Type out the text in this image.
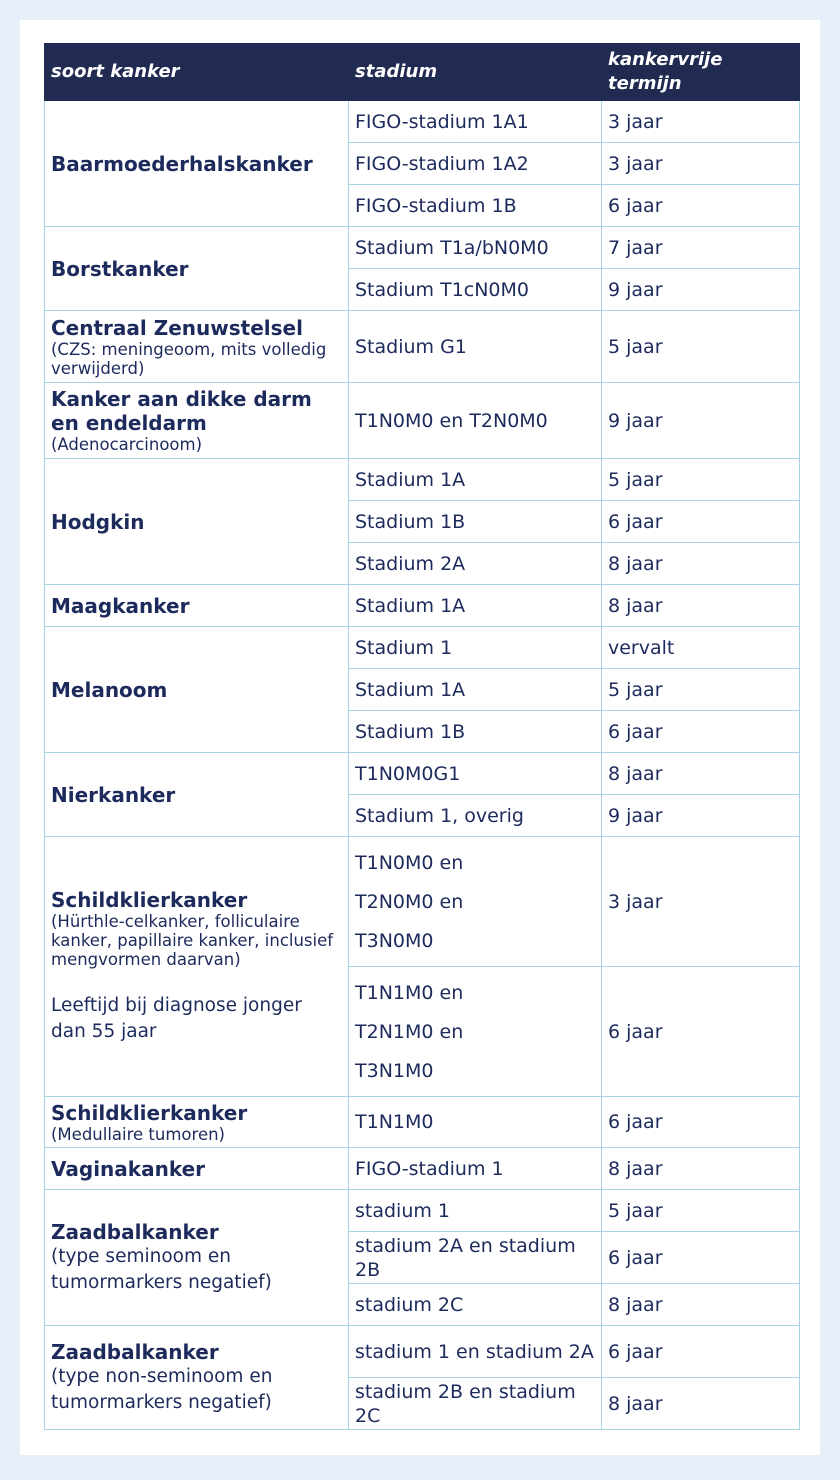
soort kanker	stadium	kankervrije termijn

Baarmoederhalskanker	FIGO-stadium 1A1	3 jaar
	FIGO-stadium 1A2	3 jaar
	FIGO-stadium 1B	6 jaar

Borstkanker	Stadium T1a/bN0M0	7 jaar
	Stadium T1cN0M0	9 jaar

Centraal Zenuwstelsel
(CZS: meningeoom, mits volledig verwijderd)	Stadium G1	5 jaar

Kanker aan dikke darm en endeldarm
(Adenocarcinoom)	T1N0M0 en T2N0M0	9 jaar

Hodgkin	Stadium 1A	5 jaar
	Stadium 1B	6 jaar
	Stadium 2A	8 jaar

Maagkanker	Stadium 1A	8 jaar

Melanoom	Stadium 1	vervalt
	Stadium 1A	5 jaar
	Stadium 1B	6 jaar

Nierkanker	T1N0M0G1	8 jaar
	Stadium 1, overig	9 jaar

Schildklierkanker
(Hürthle-celkanker, folliculaire kanker, papillaire kanker, inclusief mengvormen daarvan)
Leeftijd bij diagnose jonger dan 55 jaar	T1N0M0 en
T2N0M0 en
T3N0M0	3 jaar
	T1N1M0 en
T2N1M0 en
T3N1M0	6 jaar

Schildklierkanker
(Medullaire tumoren)	T1N1M0	6 jaar

Vaginakanker	FIGO-stadium 1	8 jaar

Zaadbalkanker
(type seminoom en tumormarkers negatief)	stadium 1	5 jaar
	stadium 2A en stadium 2B	6 jaar
	stadium 2C	8 jaar

Zaadbalkanker
(type non-seminoom en tumormarkers negatief)	stadium 1 en stadium 2A	6 jaar
	stadium 2B en stadium 2C	8 jaar
